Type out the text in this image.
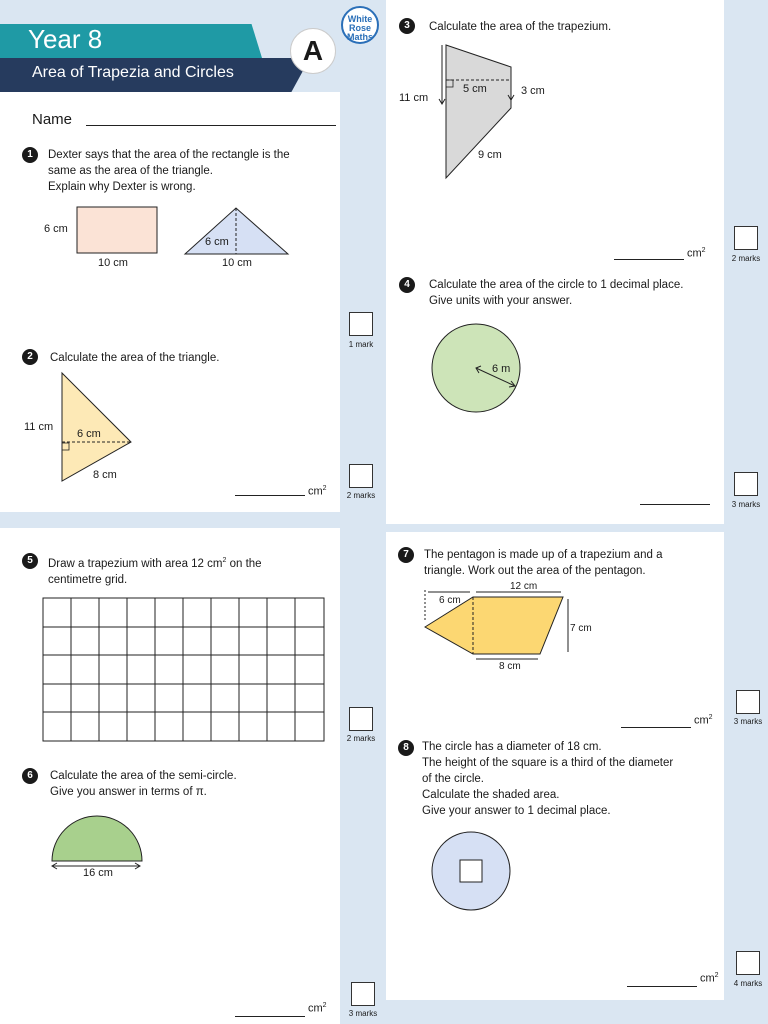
Year 8
Area of Trapezia and Circles
A
White
Rose
Maths
Name
1	Dexter says that the area of the rectangle is the
same as the area of the triangle.
Explain why Dexter is wrong.
6 cm
10 cm
6 cm
10 cm
1 mark
2	Calculate the area of the triangle.
11 cm
6 cm
8 cm
$cm^2$
2 marks
3	Calculate the area of the trapezium.
5 cm	3 cm
11 cm
9 cm
$cm^2$
2 marks
4	Calculate the area of the circle to 1 decimal place.
Give units with your answer.
6 m
3 marks
5	Draw a trapezium with area 12 $cm^2$ on the
centimetre grid.
2 marks
6	Calculate the area of the semi-circle.
Give you answer in terms of π.
16 cm
$cm^2$
3 marks
7	The pentagon is made up of a trapezium and a
triangle. Work out the area of the pentagon.
6 cm
12 cm
7 cm
8 cm
$cm^2$	3 marks
8	The circle has a diameter of 18 cm.
The height of the square is a third of the diameter
of the circle.
Calculate the shaded area.
Give your answer to 1 decimal place.
$cm^2$
4 marks
